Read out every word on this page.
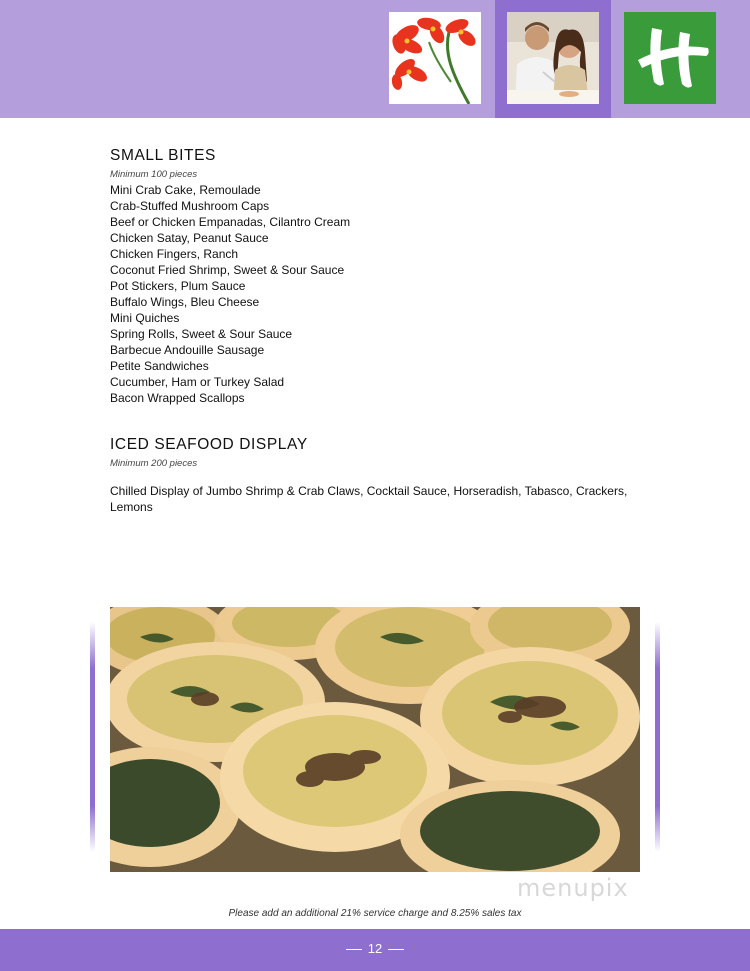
SMALL BITES
Minimum 100 pieces
Mini Crab Cake, Remoulade
Crab-Stuffed Mushroom Caps
Beef or Chicken Empanadas, Cilantro Cream
Chicken Satay, Peanut Sauce
Chicken Fingers, Ranch
Coconut Fried Shrimp, Sweet & Sour Sauce
Pot Stickers, Plum Sauce
Buffalo Wings, Bleu Cheese
Mini Quiches
Spring Rolls, Sweet & Sour Sauce
Barbecue Andouille Sausage
Petite Sandwiches
Cucumber, Ham or Turkey Salad
Bacon Wrapped Scallops
ICED SEAFOOD DISPLAY
Minimum 200 pieces
Chilled Display of Jumbo Shrimp & Crab Claws, Cocktail Sauce, Horseradish, Tabasco, Crackers, Lemons
menupix
Please add an additional 21% service charge and 8.25% sales tax
12
